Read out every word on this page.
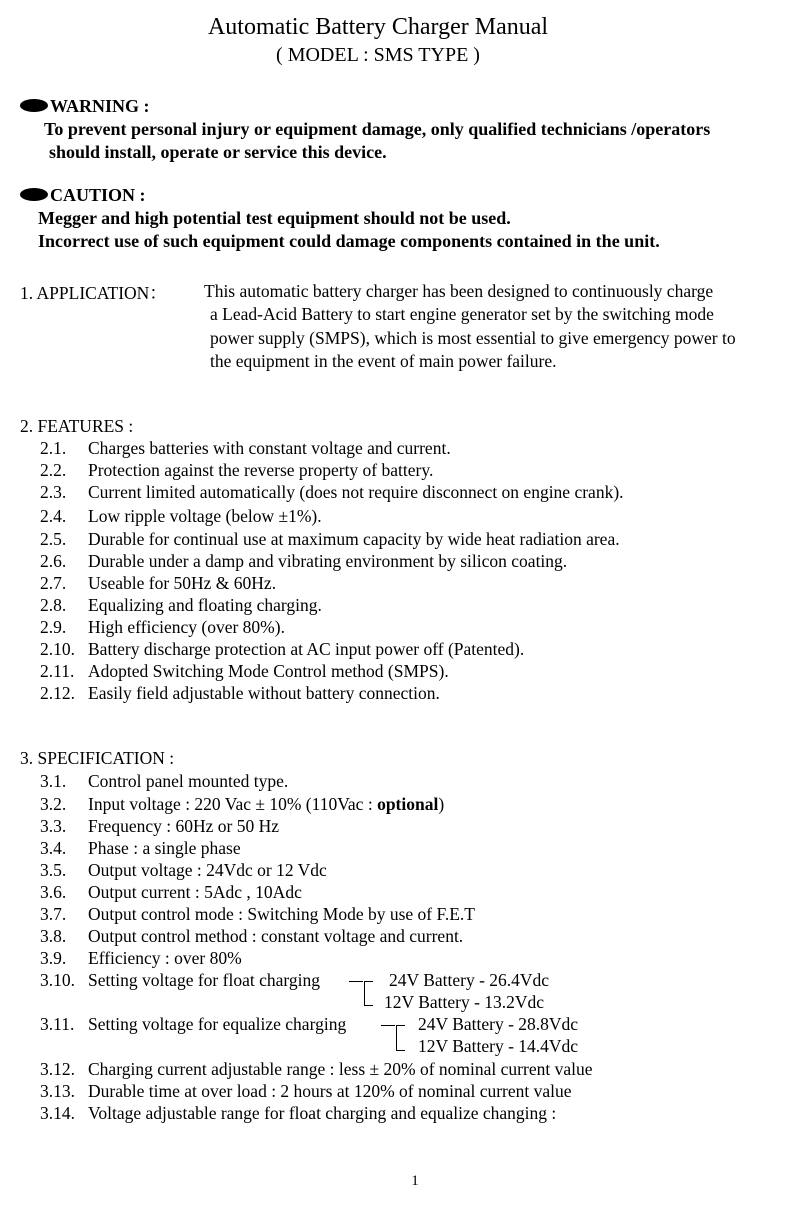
Automatic Battery Charger Manual
( MODEL : SMS TYPE )
WARNING :
To prevent personal injury or equipment damage, only qualified technicians /operators
should install, operate or service this device.
CAUTION :
Megger and high potential test equipment should not be used.
Incorrect use of such equipment could damage components contained in the unit.
1. APPLICATION： This automatic battery charger has been designed to continuously charge
a Lead-Acid Battery to start engine generator set by the switching mode
power supply (SMPS), which is most essential to give emergency power to
the equipment in the event of main power failure.
2. FEATURES :
2.1. Charges batteries with constant voltage and current.
2.2. Protection against the reverse property of battery.
2.3. Current limited automatically (does not require disconnect on engine crank).
2.4. Low ripple voltage (below ±1%).
2.5. Durable for continual use at maximum capacity by wide heat radiation area.
2.6. Durable under a damp and vibrating environment by silicon coating.
2.7. Useable for 50Hz & 60Hz.
2.8. Equalizing and floating charging.
2.9. High efficiency (over 80%).
2.10. Battery discharge protection at AC input power off (Patented).
2.11. Adopted Switching Mode Control method (SMPS).
2.12. Easily field adjustable without battery connection.
3. SPECIFICATION :
3.1. Control panel mounted type.
3.2. Input voltage : 220 Vac ± 10% (110Vac : optional)
3.3. Frequency : 60Hz or 50 Hz
3.4. Phase : a single phase
3.5. Output voltage : 24Vdc or 12 Vdc
3.6. Output current : 5Adc , 10Adc
3.7. Output control mode : Switching Mode by use of F.E.T
3.8. Output control method : constant voltage and current.
3.9. Efficiency : over 80%
3.10. Setting voltage for float charging	24V Battery - 26.4Vdc
12V Battery - 13.2Vdc
3.11. Setting voltage for equalize charging	24V Battery - 28.8Vdc
12V Battery - 14.4Vdc
3.12. Charging current adjustable range : less ± 20% of nominal current value
3.13. Durable time at over load : 2 hours at 120% of nominal current value
3.14. Voltage adjustable range for float charging and equalize changing :
1
